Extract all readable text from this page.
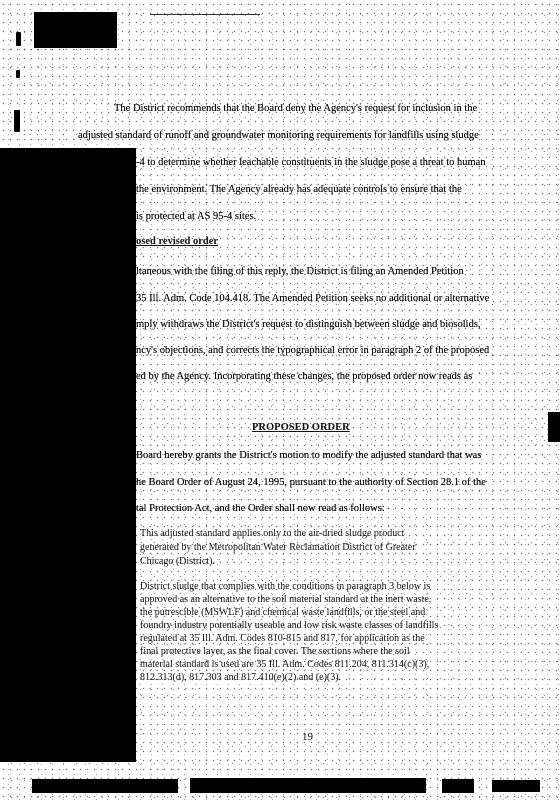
The District recommends that the Board deny the Agency's request for inclusion in the
adjusted standard of runoff and groundwater monitoring requirements for landfills using sludge
-4 to determine whether leachable constituents in the sludge pose a threat to human
the environment. The Agency already has adequate controls to ensure that the
is protected at AS 95-4 sites.
osed revised order
ltaneous with the filing of this reply, the District is filing an Amended Petition
35 Ill. Adm. Code 104.418. The Amended Petition seeks no additional or alternative
mply withdraws the District's request to distinguish between sludge and biosolids,
ncy's objections, and corrects the typographical error in paragraph 2 of the proposed
ed by the Agency. Incorporating these changes, the proposed order now reads as
PROPOSED ORDER
Board hereby grants the District's motion to modify the adjusted standard that was
he Board Order of August 24, 1995, pursuant to the authority of Section 28.1 of the
tal Protection Act, and the Order shall now read as follows:
This adjusted standard applies only to the air-dried sludge product
generated by the Metropolitan Water Reclamation District of Greater
Chicago (District).
District sludge that complies with the conditions in paragraph 3 below is
approved as an alternative to the soil material standard at the inert waste,
the putrescible (MSWLF) and chemical waste landfills, or the steel and
foundry industry potentially useable and low risk waste classes of landfills
regulated at 35 Ill. Adm. Codes 810-815 and 817, for application as the
final protective layer, as the final cover. The sections where the soil
material standard is used are 35 Ill. Adm. Codes 811.204, 811.314(c)(3),
812.313(d), 817.303 and 817.410(e)(2) and (e)(3).
19
